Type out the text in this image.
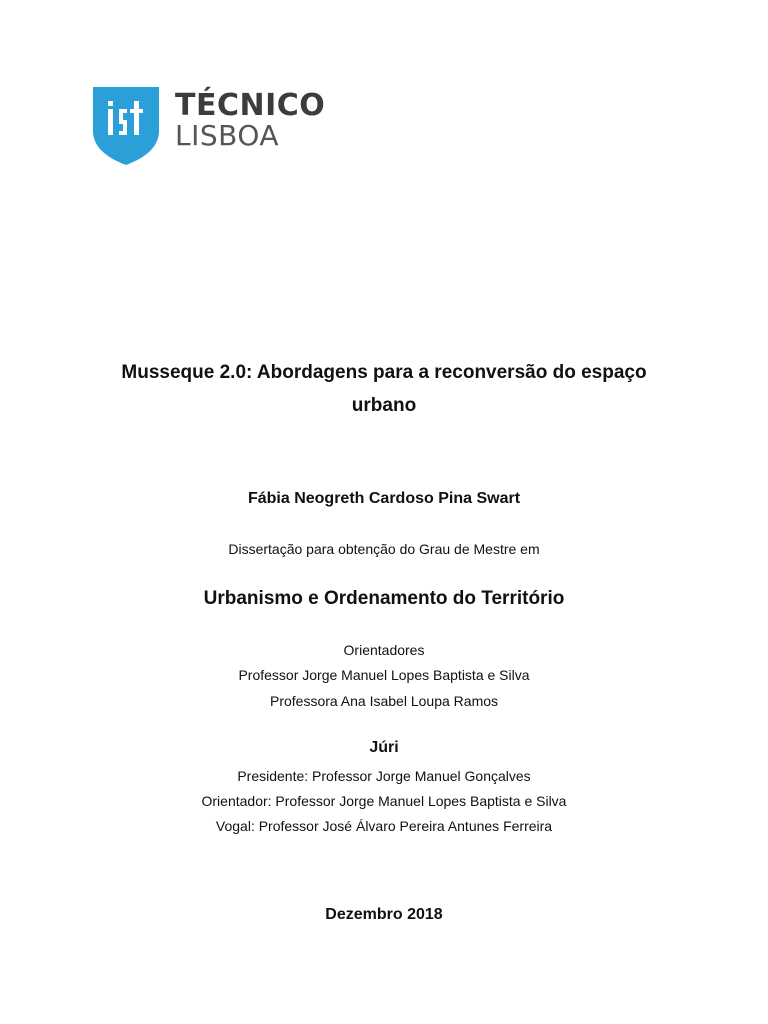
TÉCNICO
LISBOA
Musseque 2.0: Abordagens para a reconversão do espaço
urbano
Fábia Neogreth Cardoso Pina Swart
Dissertação para obtenção do Grau de Mestre em
Urbanismo e Ordenamento do Território
Orientadores
Professor Jorge Manuel Lopes Baptista e Silva
Professora Ana Isabel Loupa Ramos
Júri
Presidente: Professor Jorge Manuel Gonçalves
Orientador: Professor Jorge Manuel Lopes Baptista e Silva
Vogal: Professor José Álvaro Pereira Antunes Ferreira
Dezembro 2018
